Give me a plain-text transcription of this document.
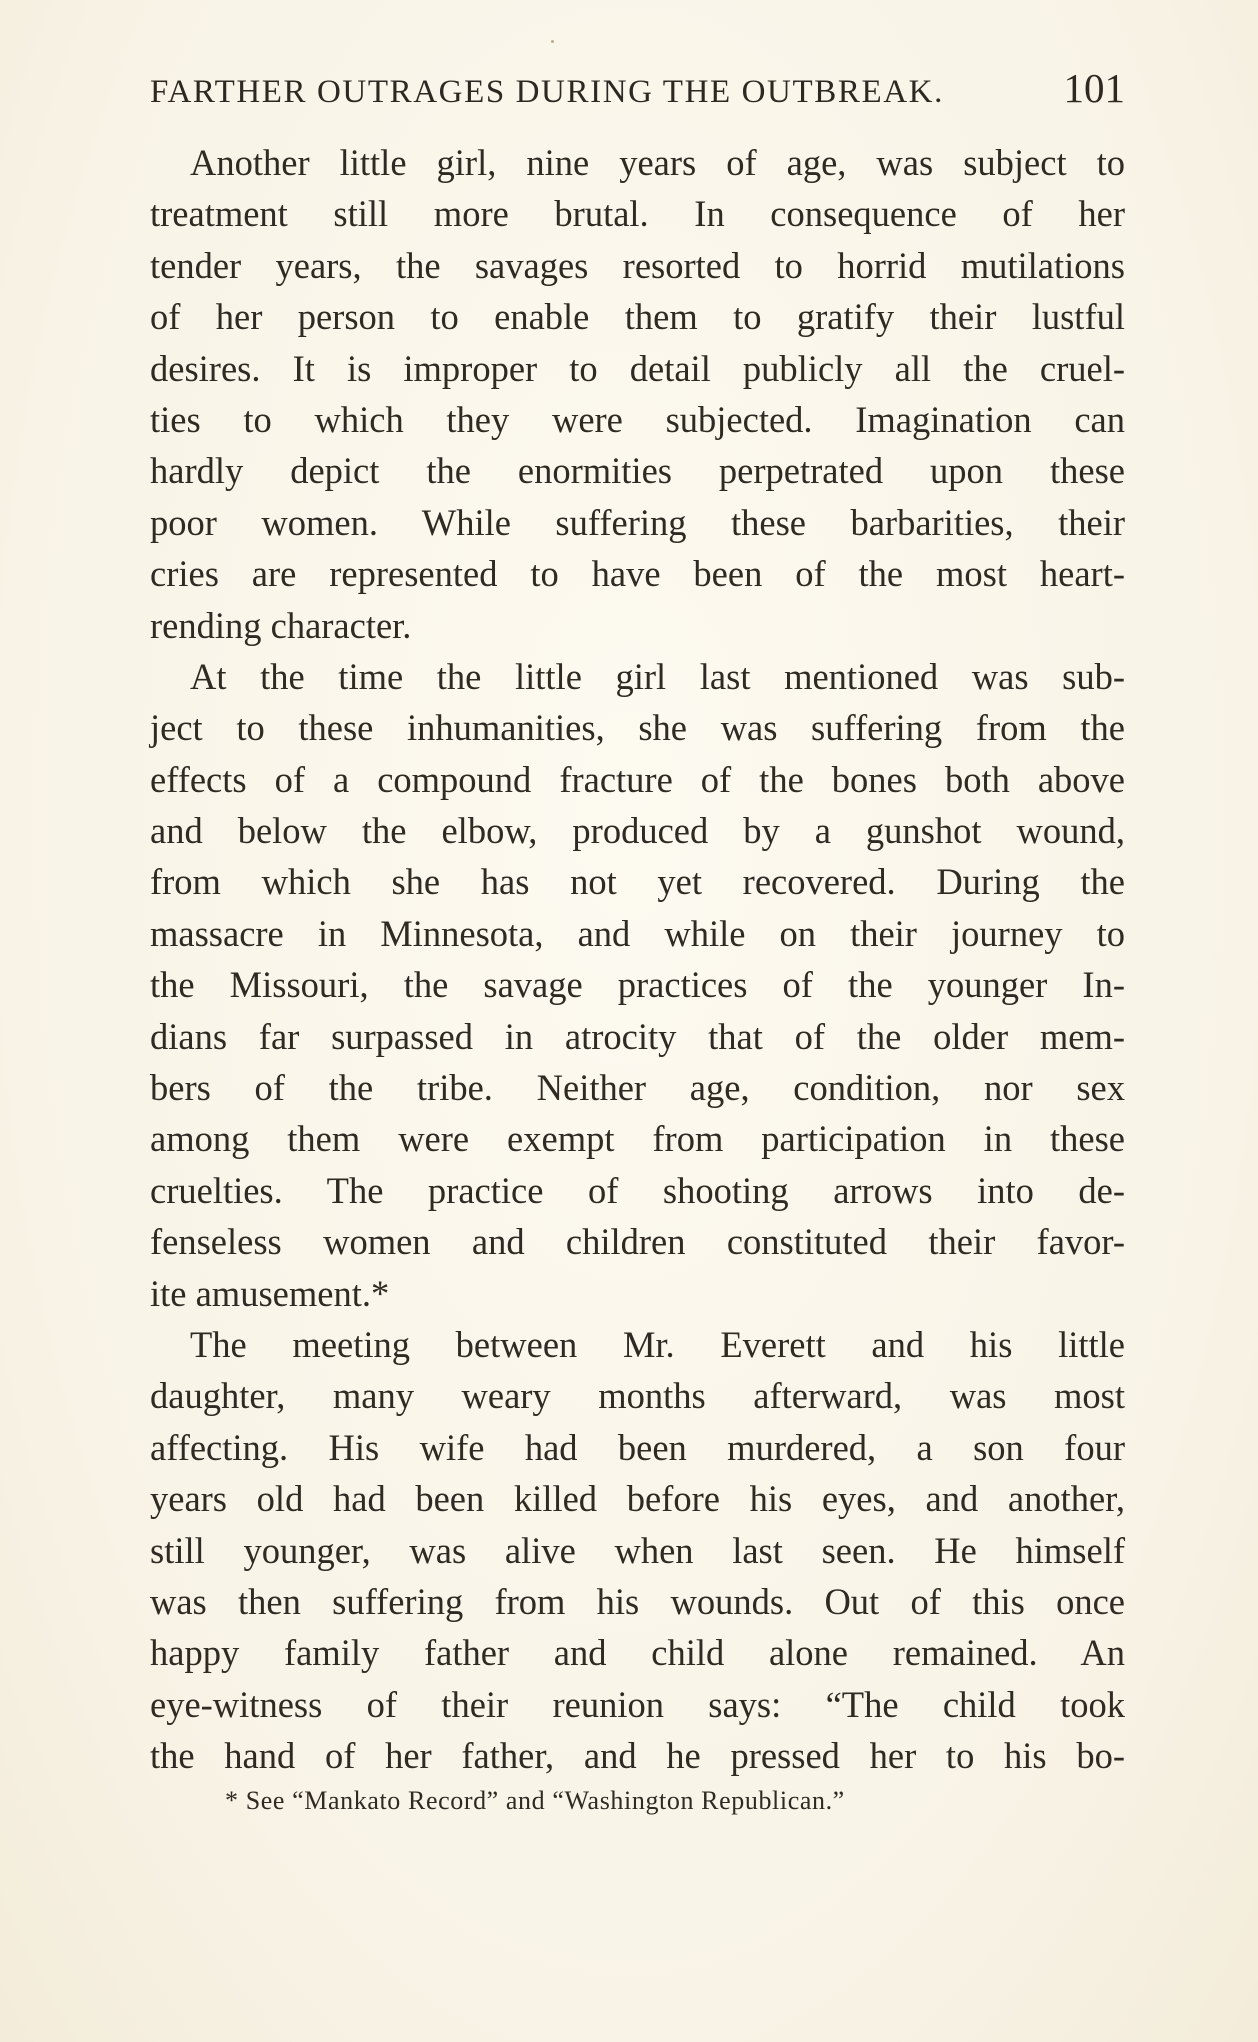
FARTHER OUTRAGES DURING THE OUTBREAK.	101
Another little girl, nine years of age, was subject to
treatment still more brutal. In consequence of her
tender years, the savages resorted to horrid mutilations
of her person to enable them to gratify their lustful
desires. It is improper to detail publicly all the cruel-
ties to which they were subjected. Imagination can
hardly depict the enormities perpetrated upon these
poor women. While suffering these barbarities, their
cries are represented to have been of the most heart-
rending character.
At the time the little girl last mentioned was sub-
ject to these inhumanities, she was suffering from the
effects of a compound fracture of the bones both above
and below the elbow, produced by a gunshot wound,
from which she has not yet recovered. During the
massacre in Minnesota, and while on their journey to
the Missouri, the savage practices of the younger In-
dians far surpassed in atrocity that of the older mem-
bers of the tribe. Neither age, condition, nor sex
among them were exempt from participation in these
cruelties. The practice of shooting arrows into de-
fenseless women and children constituted their favor-
ite amusement.*
The meeting between Mr. Everett and his little
daughter, many weary months afterward, was most
affecting. His wife had been murdered, a son four
years old had been killed before his eyes, and another,
still younger, was alive when last seen. He himself
was then suffering from his wounds. Out of this once
happy family father and child alone remained. An
eye-witness of their reunion says: “The child took
the hand of her father, and he pressed her to his bo-
* See “Mankato Record” and “Washington Republican.”
